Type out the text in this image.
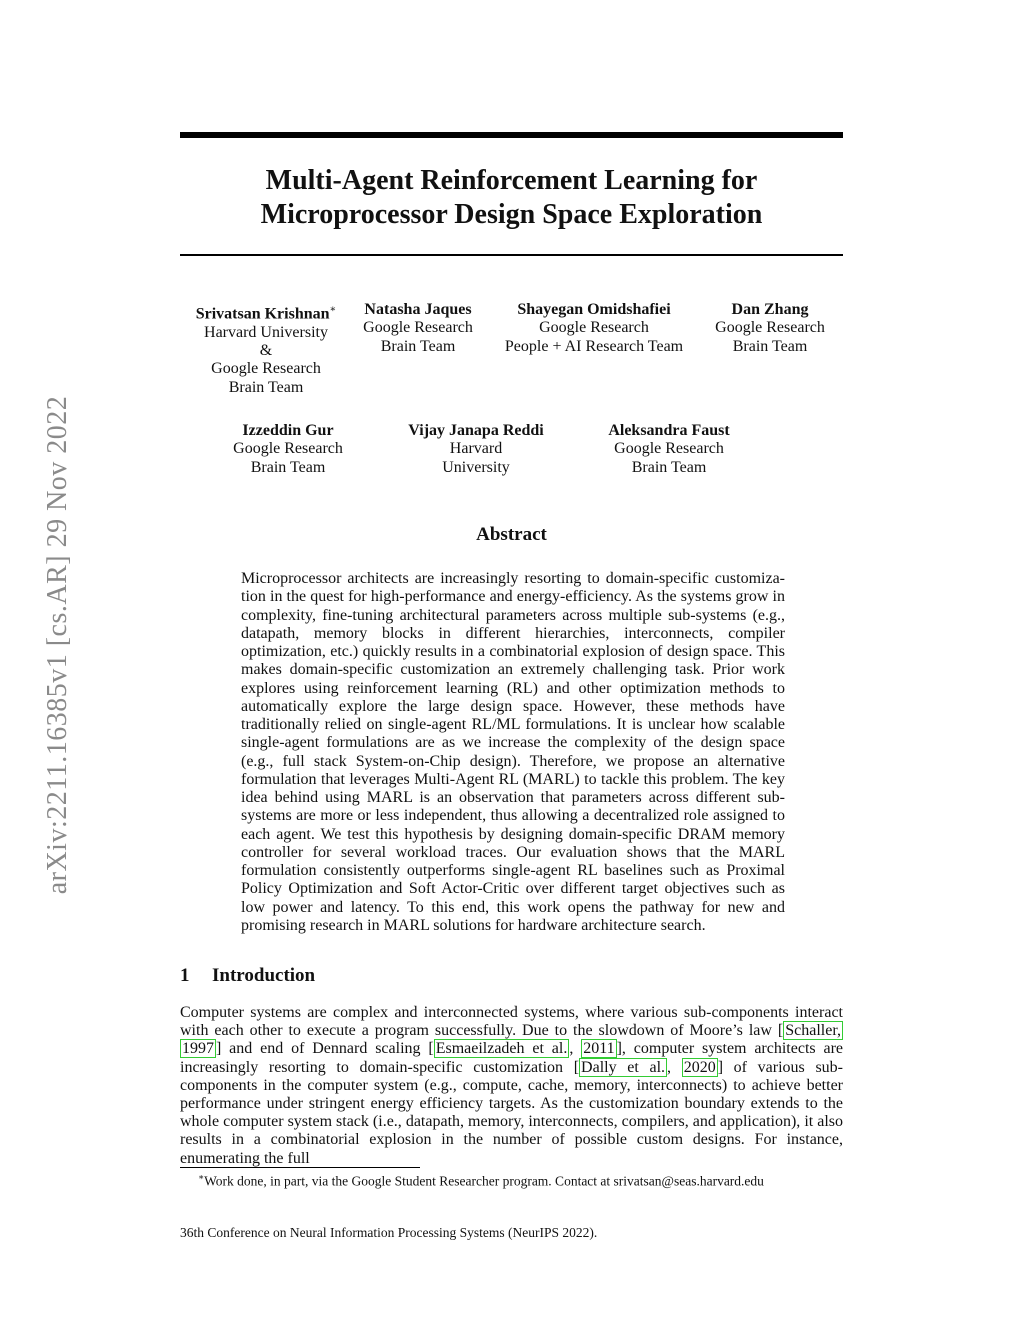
arXiv:2211.16385v1 [cs.AR] 29 Nov 2022
Multi-Agent Reinforcement Learning for
Microprocessor Design Space Exploration
Srivatsan Krishnan∗
Harvard University
&
Google Research
Brain Team
Natasha Jaques
Google Research
Brain Team
Shayegan Omidshafiei
Google Research
People + AI Research Team
Dan Zhang
Google Research
Brain Team
Izzeddin Gur
Google Research
Brain Team
Vijay Janapa Reddi
Harvard
University
Aleksandra Faust
Google Research
Brain Team
Abstract
Microprocessor architects are increasingly resorting to domain-specific customization in the quest for high-performance and energy-efficiency. As the systems grow in complexity, fine-tuning architectural parameters across multiple sub-systems (e.g., datapath, memory blocks in different hierarchies, interconnects, compiler optimization, etc.) quickly results in a combinatorial explosion of design space. This makes domain-specific customization an extremely challenging task. Prior work explores using reinforcement learning (RL) and other optimization methods to automatically explore the large design space. However, these methods have traditionally relied on single-agent RL/ML formulations. It is unclear how scalable single-agent formulations are as we increase the complexity of the design space (e.g., full stack System-on-Chip design). Therefore, we propose an alternative formulation that leverages Multi-Agent RL (MARL) to tackle this problem. The key idea behind using MARL is an observation that parameters across different sub-systems are more or less independent, thus allowing a decentralized role assigned to each agent. We test this hypothesis by designing domain-specific DRAM memory controller for several workload traces. Our evaluation shows that the MARL formulation consistently outperforms single-agent RL baselines such as Proximal Policy Optimization and Soft Actor-Critic over different target objectives such as low power and latency. To this end, this work opens the pathway for new and promising research in MARL solutions for hardware architecture search.
1 Introduction
Computer systems are complex and interconnected systems, where various sub-components interact with each other to execute a program successfully. Due to the slowdown of Moore’s law [ Schaller, 1997 ] and end of Dennard scaling [ Esmaeilzadeh et al. , 2011 ], computer system architects are increasingly resorting to domain-specific customization [ Dally et al. , 2020 ] of various sub-components in the computer system (e.g., compute, cache, memory, interconnects) to achieve better performance under stringent energy efficiency targets. As the customization boundary extends to the whole computer system stack (i.e., datapath, memory, interconnects, compilers, and application), it also results in a combinatorial explosion in the number of possible custom designs. For instance, enumerating the full
∗Work done, in part, via the Google Student Researcher program. Contact at srivatsan@seas.harvard.edu
36th Conference on Neural Information Processing Systems (NeurIPS 2022).
